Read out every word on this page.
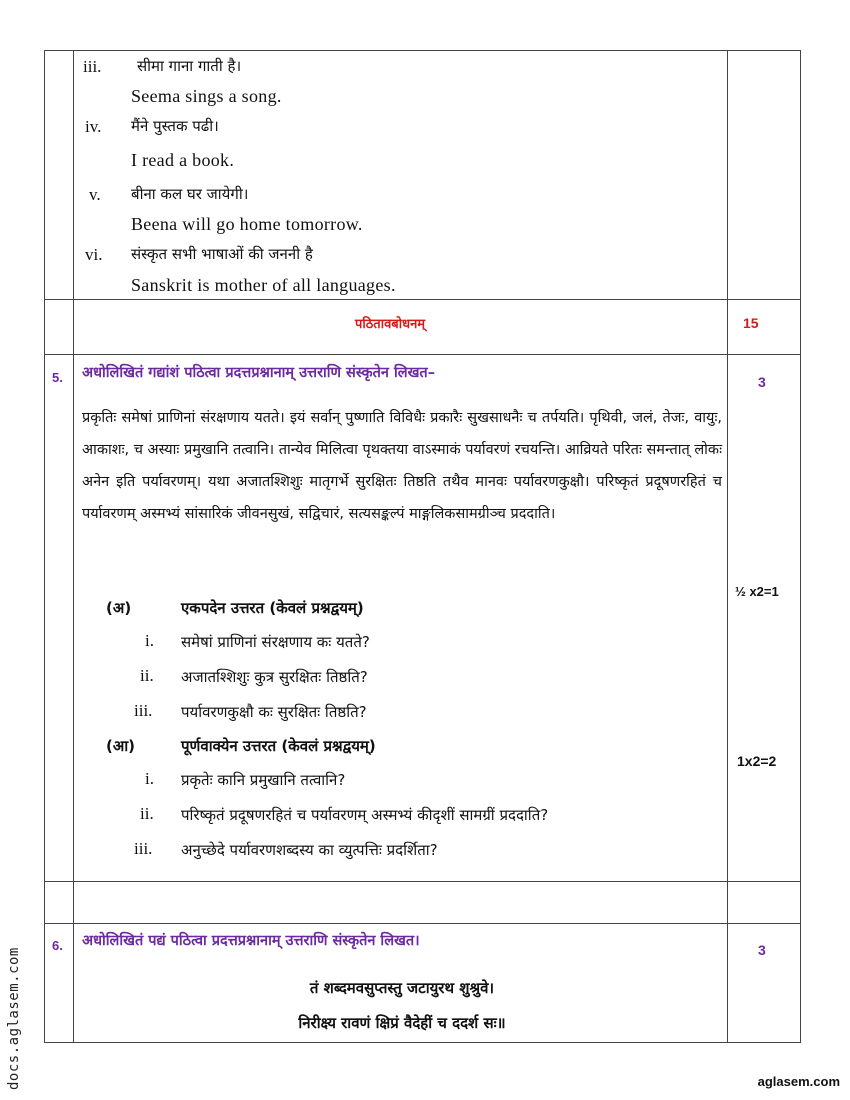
iii. सीमा गाना गाती है।
Seema sings a song.
iv. मैंने पुस्तक पढी।
I read a book.
v. बीना कल घर जायेगी।
Beena will go home tomorrow.
vi. संस्कृत सभी भाषाओं की जननी है
Sanskrit is mother of all languages.
पठितावबोधनम्	15
5. अधोलिखितं गद्यांशं पठित्वा प्रदत्तप्रश्नानाम् उत्तराणि संस्कृतेन लिखत–
3

प्रकृतिः समेषां प्राणिनां संरक्षणाय यतते। इयं सर्वान् पुष्णाति विविधैः प्रकारैः सुखसाधनैः च तर्पयति। पृथिवी, जलं, तेजः, वायुः, आकाशः, च अस्याः प्रमुखानि तत्वानि। तान्येव मिलित्वा पृथक्तया वाऽस्माकं पर्यावरणं रचयन्ति। आव्रियते परितः समन्तात् लोकः अनेन इति पर्यावरणम्। यथा अजातश्शिशुः मातृगर्भे सुरक्षितः तिष्ठति तथैव मानवः पर्यावरणकुक्षौ। परिष्कृतं प्रदूषणरहितं च पर्यावरणम् अस्मभ्यं सांसारिकं जीवनसुखं, सद्विचारं, सत्यसङ्कल्पं माङ्गलिकसामग्रीञ्च प्रददाति।

(अ)	एकपदेन उत्तरत (केवलं प्रश्नद्वयम्)
½ x2=1
i. समेषां प्राणिनां संरक्षणाय कः यतते?
ii. अजातश्शिशुः कुत्र सुरक्षितः तिष्ठति?
iii. पर्यावरणकुक्षौ कः सुरक्षितः तिष्ठति?
(आ)	पूर्णवाक्येन उत्तरत (केवलं प्रश्नद्वयम्)
1x2=2
i. प्रकृतेः कानि प्रमुखानि तत्वानि?
ii. परिष्कृतं प्रदूषणरहितं च पर्यावरणम् अस्मभ्यं कीदृशीं सामग्रीं प्रददाति?
iii. अनुच्छेदे पर्यावरणशब्दस्य का व्युत्पत्तिः प्रदर्शिता?
6. अधोलिखितं पद्यं पठित्वा प्रदत्तप्रश्नानाम् उत्तराणि संस्कृतेन लिखत।
3
तं शब्दमवसुप्तस्तु जटायुरथ शुश्रुवे।
निरीक्ष्य रावणं क्षिप्रं वैदेहीं च ददर्श सः॥
docs.aglasem.com	aglasem.com
